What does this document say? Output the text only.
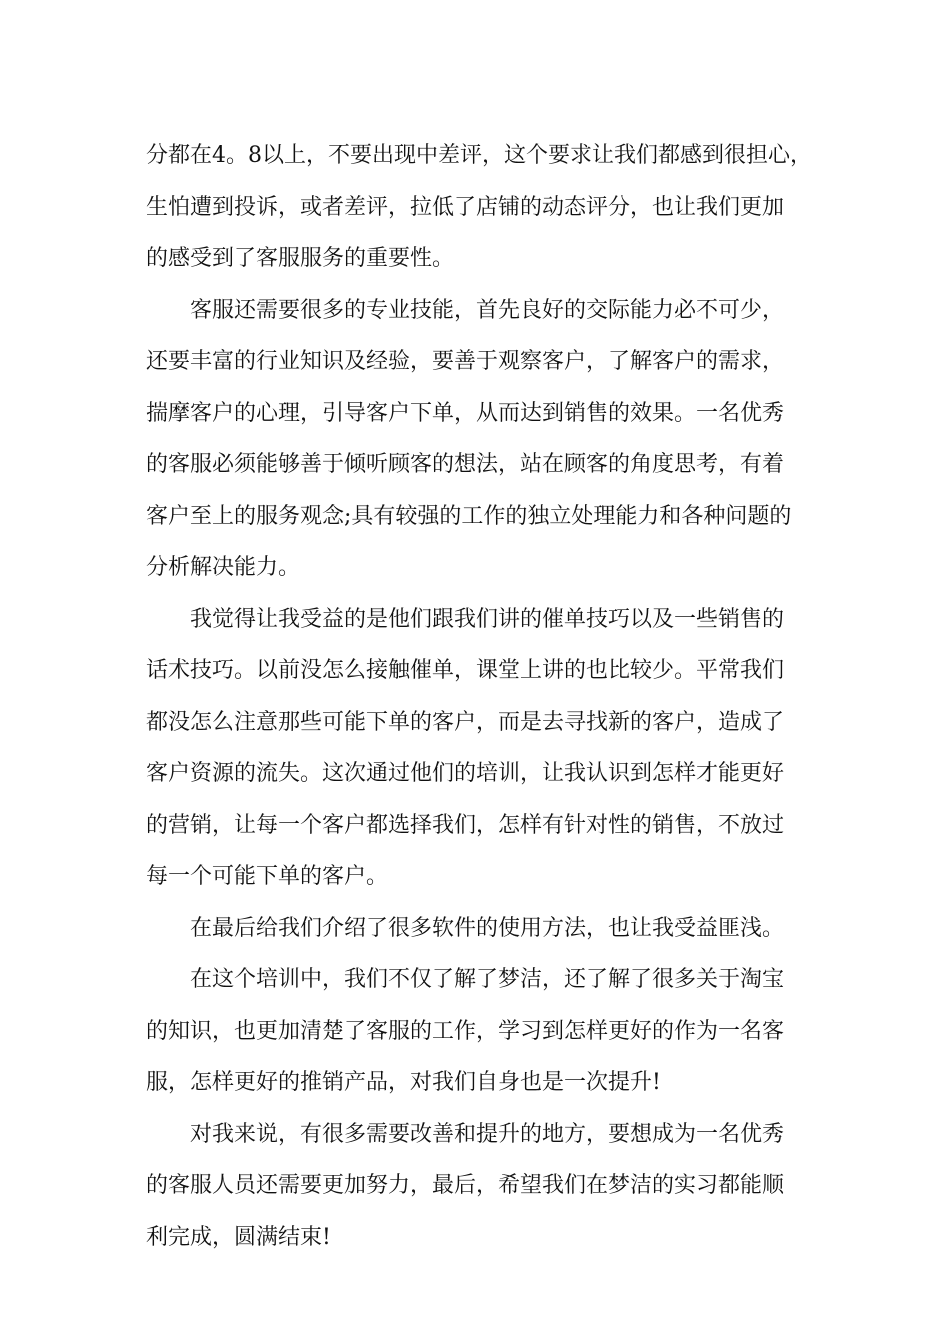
分都在4。8以上，不要出现中差评，这个要求让我们都感到很担心，
生怕遭到投诉，或者差评，拉低了店铺的动态评分，也让我们更加
的感受到了客服服务的重要性。
客服还需要很多的专业技能，首先良好的交际能力必不可少，
还要丰富的行业知识及经验，要善于观察客户，了解客户的需求，
揣摩客户的心理，引导客户下单，从而达到销售的效果。一名优秀
的客服必须能够善于倾听顾客的想法，站在顾客的角度思考，有着
客户至上的服务观念;具有较强的工作的独立处理能力和各种问题的
分析解决能力。
我觉得让我受益的是他们跟我们讲的催单技巧以及一些销售的
话术技巧。以前没怎么接触催单，课堂上讲的也比较少。平常我们
都没怎么注意那些可能下单的客户，而是去寻找新的客户，造成了
客户资源的流失。这次通过他们的培训，让我认识到怎样才能更好
的营销，让每一个客户都选择我们，怎样有针对性的销售，不放过
每一个可能下单的客户。
在最后给我们介绍了很多软件的使用方法，也让我受益匪浅。
在这个培训中，我们不仅了解了梦洁，还了解了很多关于淘宝
的知识，也更加清楚了客服的工作，学习到怎样更好的作为一名客
服，怎样更好的推销产品，对我们自身也是一次提升!
对我来说，有很多需要改善和提升的地方，要想成为一名优秀
的客服人员还需要更加努力，最后，希望我们在梦洁的实习都能顺
利完成，圆满结束!
